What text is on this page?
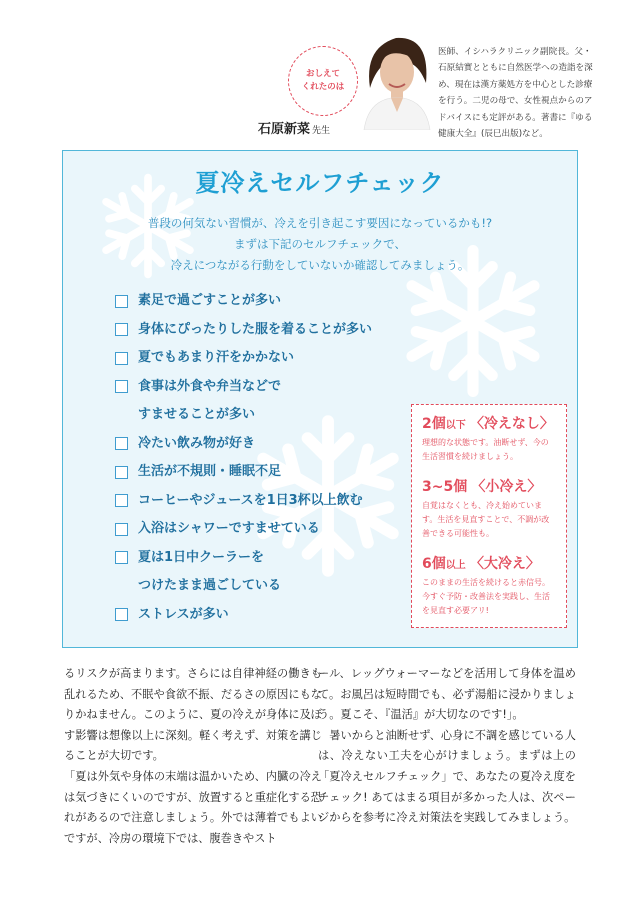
おしえて
くれたのは
石原新菜 先生
医師、イシハラクリニック副院長。父・石原結實とともに自然医学への造詣を深め、現在は漢方薬処方を中心とした診療を行う。二児の母で、女性視点からのアドバイスにも定評がある。著書に『ゆる健康大全』(辰巳出版)など。
夏冷えセルフチェック
普段の何気ない習慣が、冷えを引き起こす要因になっているかも!?
まずは下記のセルフチェックで、
冷えにつながる行動をしていないか確認してみましょう。
素足で過ごすことが多い
身体にぴったりした服を着ることが多い
夏でもあまり汗をかかない
食事は外食や弁当などで
すませることが多い
冷たい飲み物が好き
生活が不規則・睡眠不足
コーヒーやジュースを1日3杯以上飲む
入浴はシャワーですませている
夏は1日中クーラーを
つけたまま過ごしている
ストレスが多い
2個以下 〈冷えなし〉
理想的な状態です。油断せず、今の生活習慣を続けましょう。
3~5個 〈小冷え〉
自覚はなくとも、冷え始めています。生活を見直すことで、不調が改善できる可能性も。
6個以上 〈大冷え〉
このままの生活を続けると赤信号。今すぐ予防・改善法を実践し、生活を見直す必要アリ!

るリスクが高まります。さらには自律神経の働きも乱れるため、不眠や食欲不振、だるさの原因にもなりかねません。このように、夏の冷えが身体に及ぼす影響は想像以上に深刻。軽く考えず、対策を講じることが大切です。

「夏は外気や身体の末端は温かいため、内臓の冷えは気づきにくいのですが、放置すると重症化する恐れがあるので注意しましょう。外では薄着でもよいですが、冷房の環境下では、腹巻きやスト

ール、レッグウォーマーなどを活用して身体を温めて。お風呂は短時間でも、必ず湯船に浸かりましょう。夏こそ、『温活』が大切なのです!」。

暑いからと油断せず、心身に不調を感じている人は、冷えない工夫を心がけましょう。まずは上の「夏冷えセルフチェック」で、あなたの夏冷え度をチェック! あてはまる項目が多かった人は、次ページからを参考に冷え対策法を実践してみましょう。
